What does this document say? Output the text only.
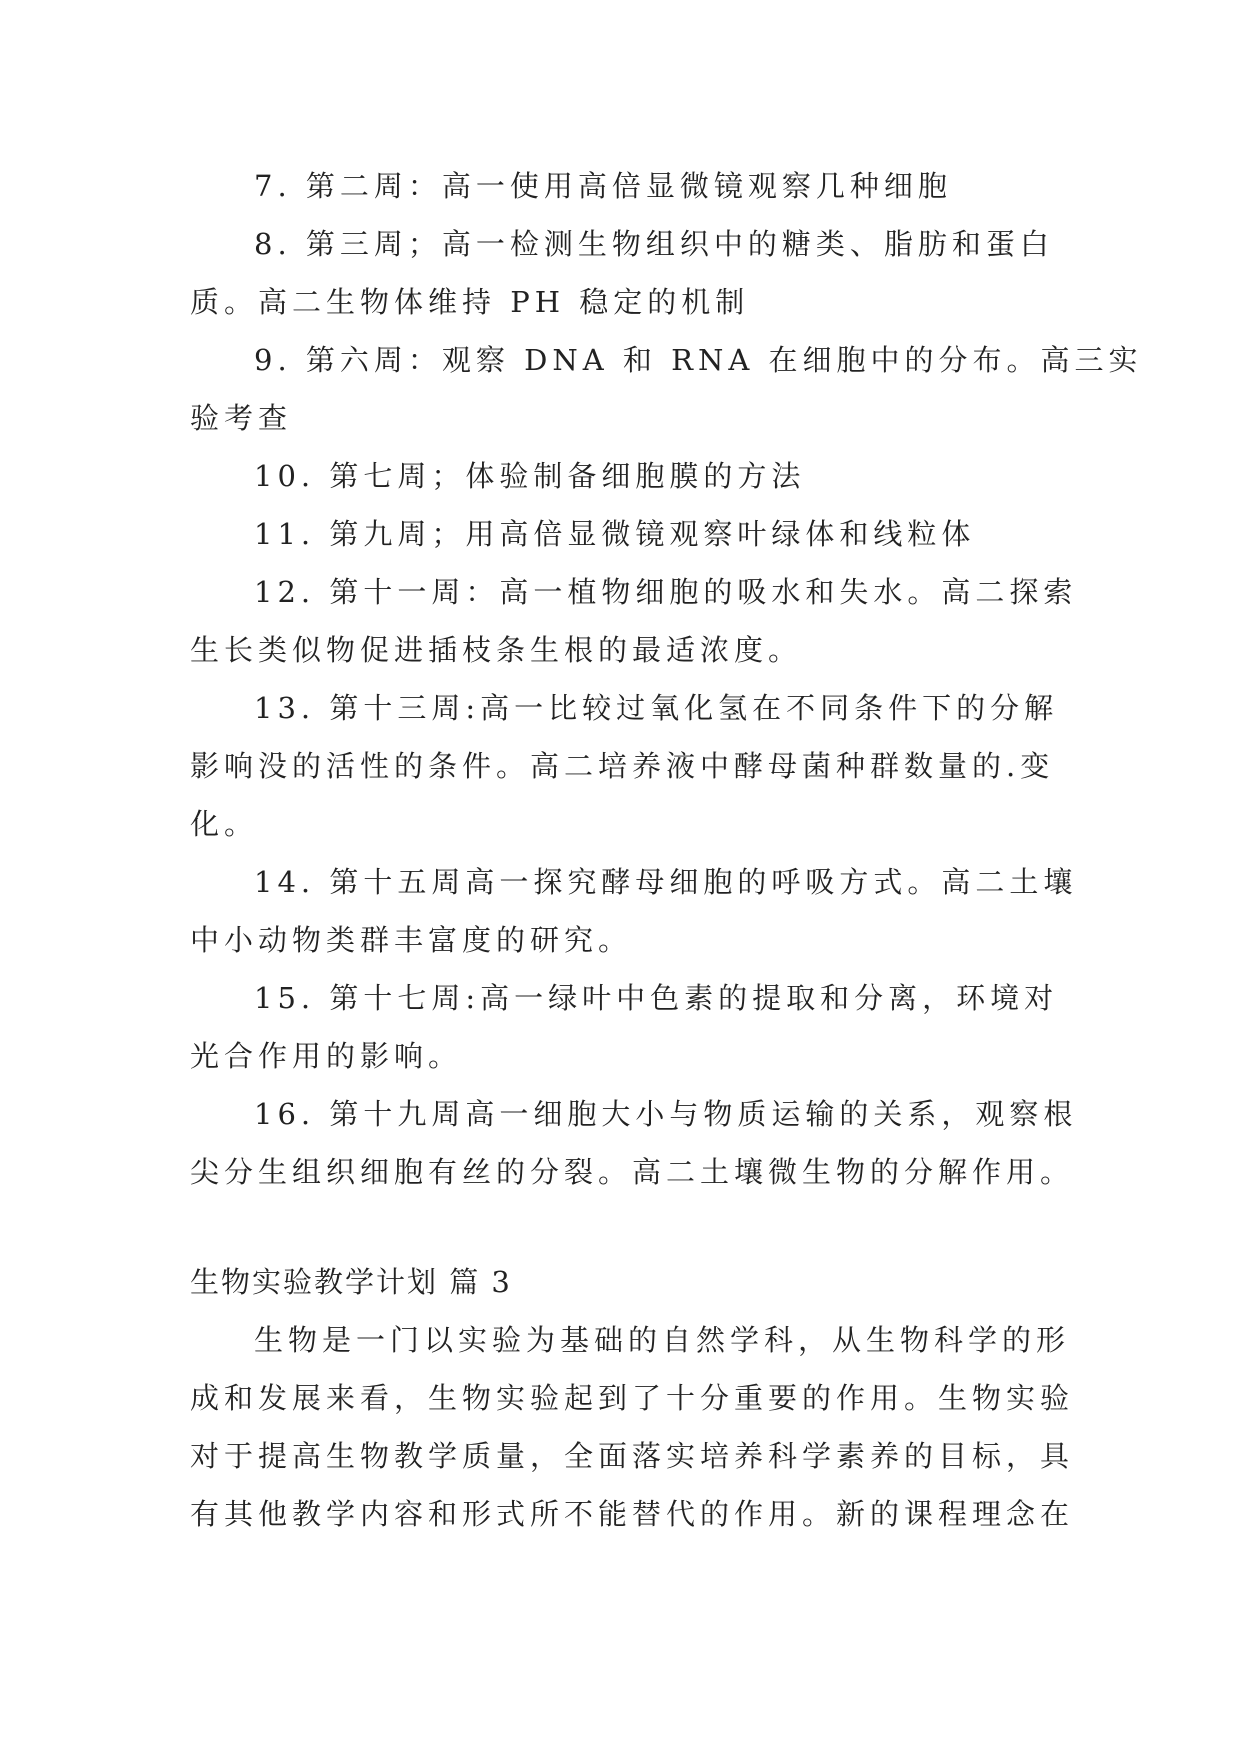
7. 第二周：高一使用高倍显微镜观察几种细胞
8. 第三周；高一检测生物组织中的糖类、脂肪和蛋白
质。高二生物体维持 PH 稳定的机制
9. 第六周：观察 DNA 和 RNA 在细胞中的分布。高三实
验考查
10. 第七周；体验制备细胞膜的方法
11. 第九周；用高倍显微镜观察叶绿体和线粒体
12. 第十一周：高一植物细胞的吸水和失水。高二探索
生长类似物促进插枝条生根的最适浓度。
13. 第十三周:高一比较过氧化氢在不同条件下的分解
影响没的活性的条件。高二培养液中酵母菌种群数量的.变
化。
14. 第十五周高一探究酵母细胞的呼吸方式。高二土壤
中小动物类群丰富度的研究。
15. 第十七周:高一绿叶中色素的提取和分离，环境对
光合作用的影响。
16. 第十九周高一细胞大小与物质运输的关系，观察根
尖分生组织细胞有丝的分裂。高二土壤微生物的分解作用。
生物实验教学计划 篇 3
生物是一门以实验为基础的自然学科，从生物科学的形
成和发展来看，生物实验起到了十分重要的作用。生物实验
对于提高生物教学质量，全面落实培养科学素养的目标，具
有其他教学内容和形式所不能替代的作用。新的课程理念在
